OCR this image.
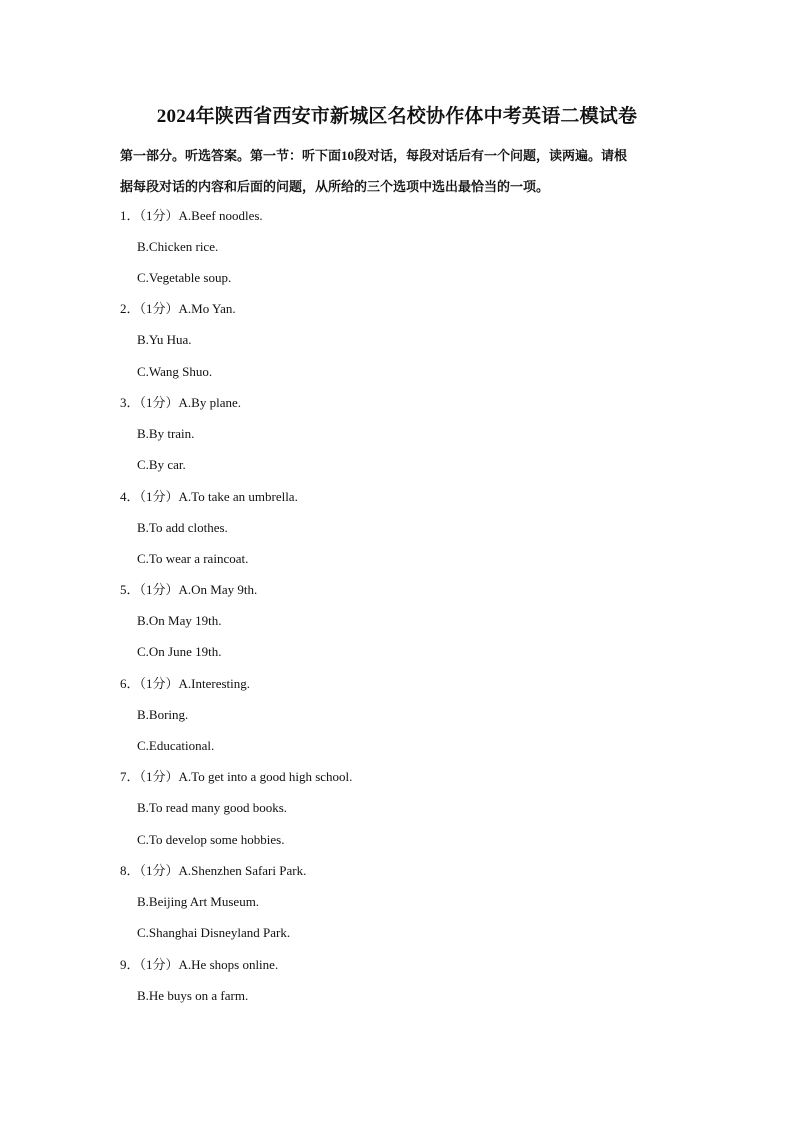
2024年陕西省西安市新城区名校协作体中考英语二模试卷
第一部分。听选答案。第一节：听下面10段对话，每段对话后有一个问题，读两遍。请根
据每段对话的内容和后面的问题，从所给的三个选项中选出最恰当的一项。
1．（1分）A.Beef noodles.
B.Chicken rice.
C.Vegetable soup.
2．（1分）A.Mo Yan.
B.Yu Hua.
C.Wang Shuo.
3．（1分）A.By plane.
B.By train.
C.By car.
4．（1分）A.To take an umbrella.
B.To add clothes.
C.To wear a raincoat.
5．（1分）A.On May 9th.
B.On May 19th.
C.On June 19th.
6．（1分）A.Interesting.
B.Boring.
C.Educational.
7．（1分）A.To get into a good high school.
B.To read many good books.
C.To develop some hobbies.
8．（1分）A.Shenzhen Safari Park.
B.Beijing Art Museum.
C.Shanghai Disneyland Park.
9．（1分）A.He shops online.
B.He buys on a farm.
